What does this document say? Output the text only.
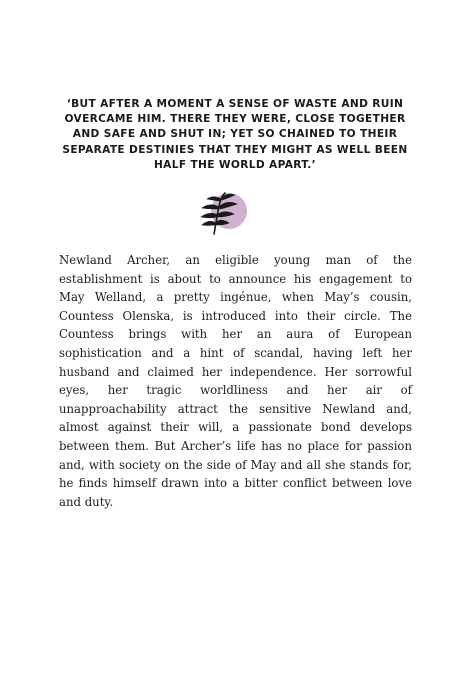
‘BUT AFTER A MOMENT A SENSE OF WASTE AND RUIN OVERCAME HIM. THERE THEY WERE, CLOSE TOGETHER AND SAFE AND SHUT IN; YET SO CHAINED TO THEIR SEPARATE DESTINIES THAT THEY MIGHT AS WELL BEEN HALF THE WORLD APART.’

Newland Archer, an eligible young man of the establishment is about to announce his engagement to May Welland, a pretty ingénue, when May’s cousin, Countess Olenska, is introduced into their circle. The Countess brings with her an aura of European sophistication and a hint of scandal, having left her husband and claimed her independence. Her sorrowful eyes, her tragic worldliness and her air of unapproachability attract the sensitive Newland and, almost against their will, a passionate bond develops between them. But Archer’s life has no place for passion and, with society on the side of May and all she stands for, he finds himself drawn into a bitter conflict between love and duty.
